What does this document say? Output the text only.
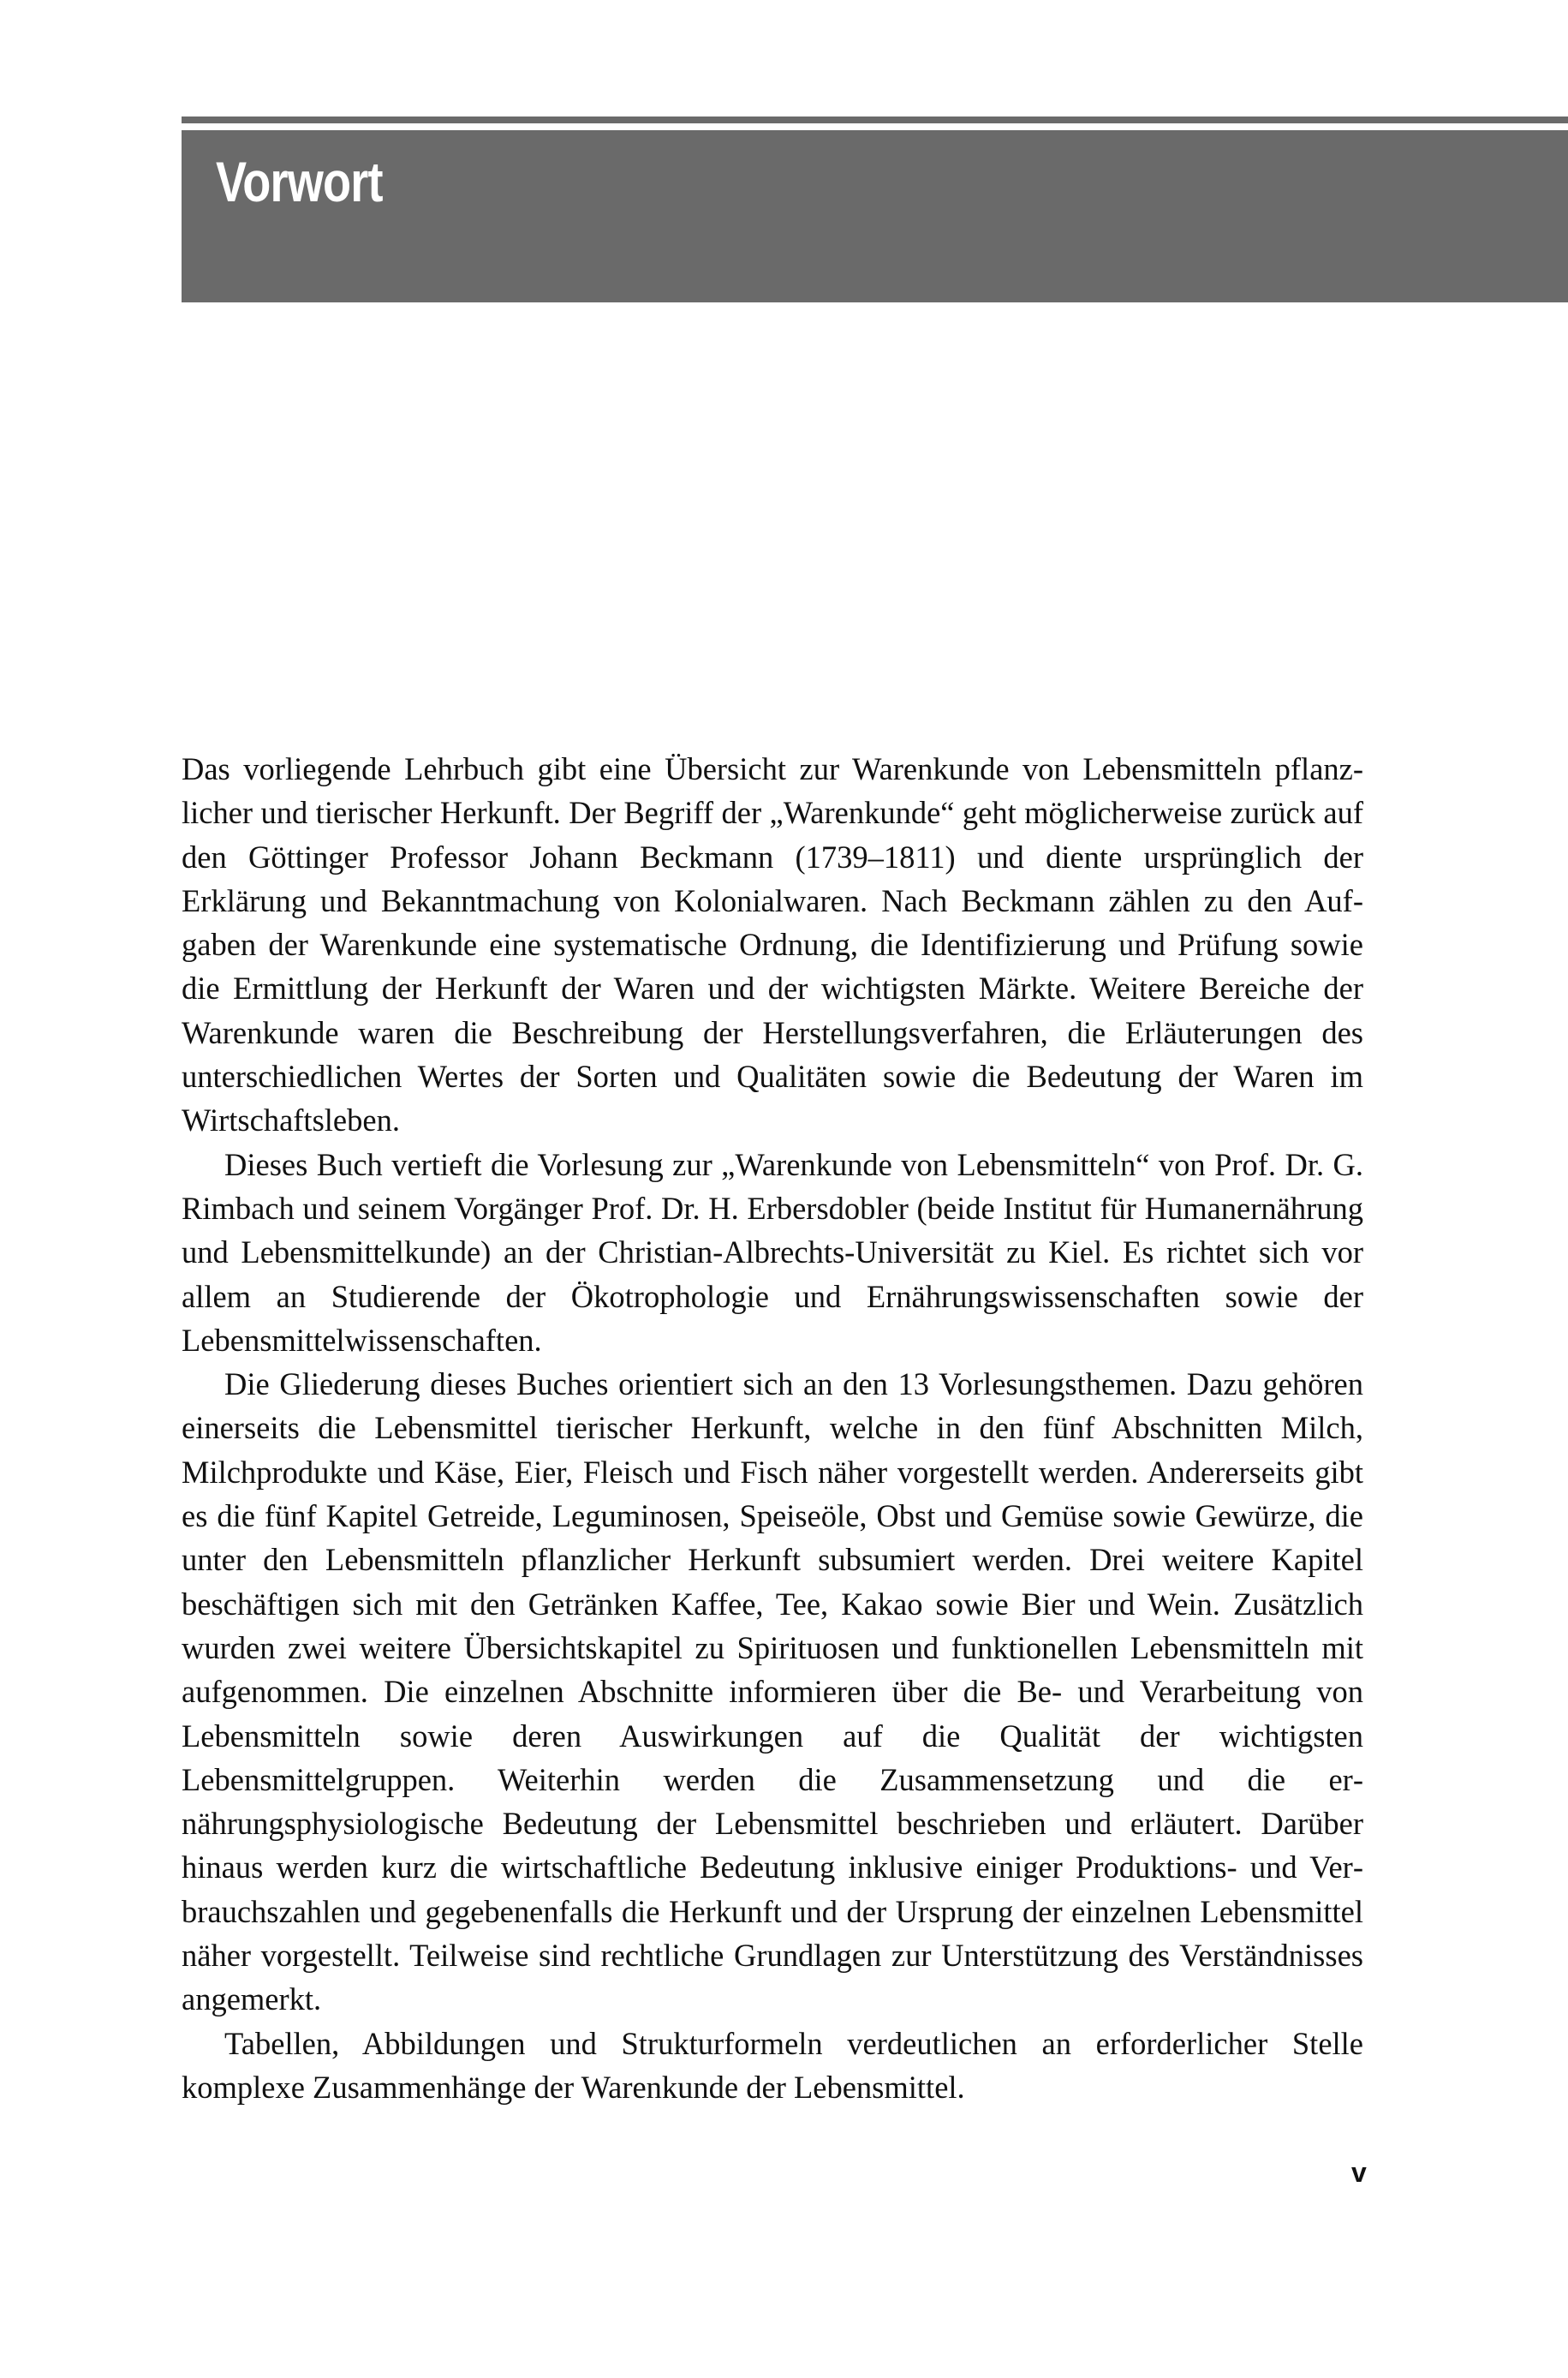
Vorwort

Das vorliegende Lehrbuch gibt eine Übersicht zur Warenkunde von Lebensmitteln pflanzlicher und tierischer Herkunft. Der Begriff der „Warenkunde“ geht möglicherweise zurück auf den Göttinger Professor Johann Beckmann (1739–1811) und diente ursprünglich der Erklärung und Bekanntmachung von Kolonialwaren. Nach Beckmann zählen zu den Aufgaben der Warenkunde eine systematische Ordnung, die Identifizierung und Prüfung sowie die Ermittlung der Herkunft der Waren und der wichtigsten Märkte. Weitere Bereiche der Warenkunde waren die Beschreibung der Herstellungsverfahren, die Erläuterungen des unterschiedlichen Wertes der Sorten und Qualitäten sowie die Bedeutung der Waren im Wirtschaftsleben.

Dieses Buch vertieft die Vorlesung zur „Warenkunde von Lebensmitteln“ von Prof. Dr. G. Rimbach und seinem Vorgänger Prof. Dr. H. Erbersdobler (beide Institut für Humanernährung und Lebensmittelkunde) an der Christian-Albrechts-Universität zu Kiel. Es richtet sich vor allem an Studierende der Ökotrophologie und Ernährungswissenschaften sowie der Lebensmittelwissenschaften.

Die Gliederung dieses Buches orientiert sich an den 13 Vorlesungsthemen. Dazu gehören einerseits die Lebensmittel tierischer Herkunft, welche in den fünf Abschnitten Milch, Milchprodukte und Käse, Eier, Fleisch und Fisch näher vorgestellt werden. Andererseits gibt es die fünf Kapitel Getreide, Leguminosen, Speiseöle, Obst und Gemüse sowie Gewürze, die unter den Lebensmitteln pflanzlicher Herkunft subsumiert werden. Drei weitere Kapitel beschäftigen sich mit den Getränken Kaffee, Tee, Kakao sowie Bier und Wein. Zusätzlich wurden zwei weitere Übersichtskapitel zu Spirituosen und funktionellen Lebensmitteln mit aufgenommen. Die einzelnen Abschnitte informieren über die Be- und Verarbeitung von Lebensmitteln sowie deren Auswirkungen auf die Qualität der wichtigsten Lebensmittelgruppen. Weiterhin werden die Zusammensetzung und die ernährungsphysiologische Bedeutung der Lebensmittel beschrieben und erläutert. Darüber hinaus werden kurz die wirtschaftliche Bedeutung inklusive einiger Produktions- und Verbrauchszahlen und gegebenenfalls die Herkunft und der Ursprung der einzelnen Lebensmittel näher vorgestellt. Teilweise sind rechtliche Grundlagen zur Unterstützung des Verständnisses angemerkt.

Tabellen, Abbildungen und Strukturformeln verdeutlichen an erforderlicher Stelle komplexe Zusammenhänge der Warenkunde der Lebensmittel.

v
